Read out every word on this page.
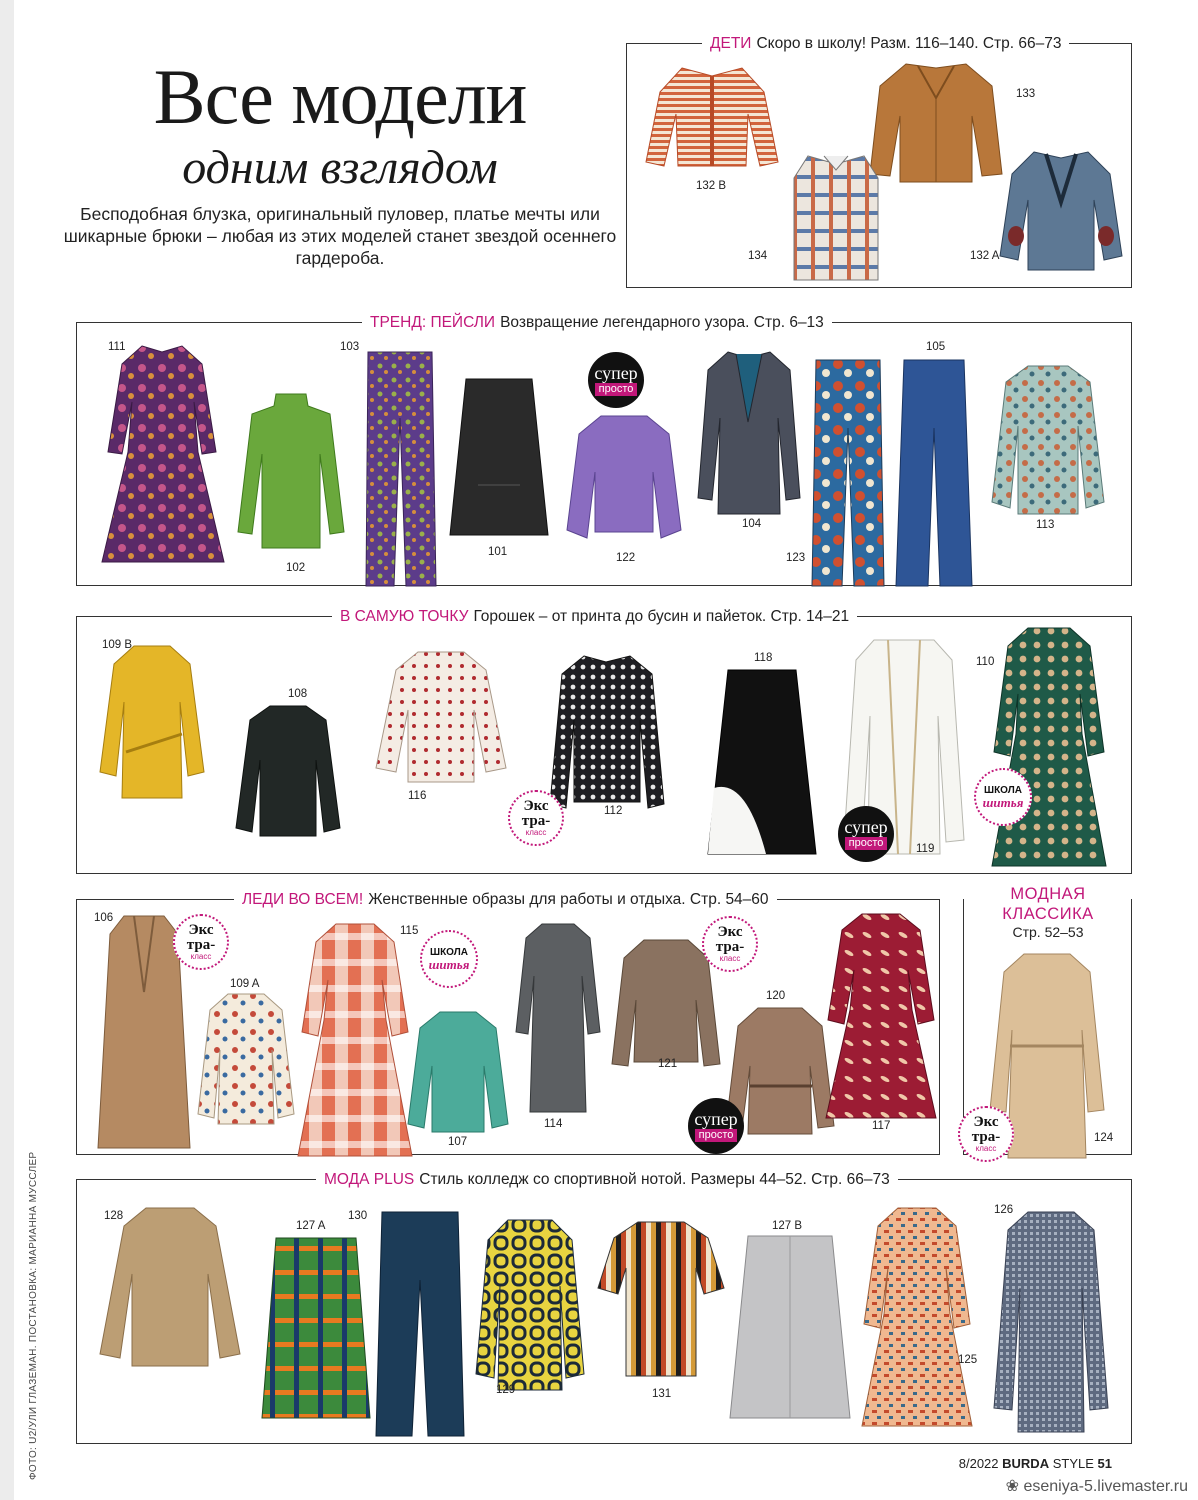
Все модели
одним взглядом
Бесподобная блузка, оригинальный пуловер, платье мечты или шикарные брюки – любая из этих моделей станет звездой осеннего гардероба.
ДЕТИ Скоро в школу! Разм. 116–140. Стр. 66–73
ТРЕНД: ПЕЙСЛИ Возвращение легендарного узора. Стр. 6–13
В САМУЮ ТОЧКУ Горошек – от принта до бусин и пайеток. Стр. 14–21
ЛЕДИ ВО ВСЕМ! Женственные образы для работы и отдыха. Стр. 54–60
МОДА PLUS Стиль колледж со спортивной нотой. Размеры 44–52. Стр. 66–73
МОДНАЯ
КЛАССИКА
Стр. 52–53
132 B
133
134	132 A
супер
просто
111
102
103
101	122
104
123
105
113
Экс
тра-
класс	супер
просто
ШКОЛА
шитья
109 B
108
116
112
118
119
110
Экс
тра-
класс	ШКОЛА
шитья
Экс
тра-
класс
супер
просто
106
109 A
115
107
114
121
120
117	Экс
тра-
класс
124
128
127 A
130
129	131
127 B
125
126
ФОТО: U2/УЛИ ГЛАЗЕМАН. ПОСТАНОВКА: МАРИАННА МУССЛЕР	8/2022 BURDA STYLE 51
❀ eseniya-5.livemaster.ru
